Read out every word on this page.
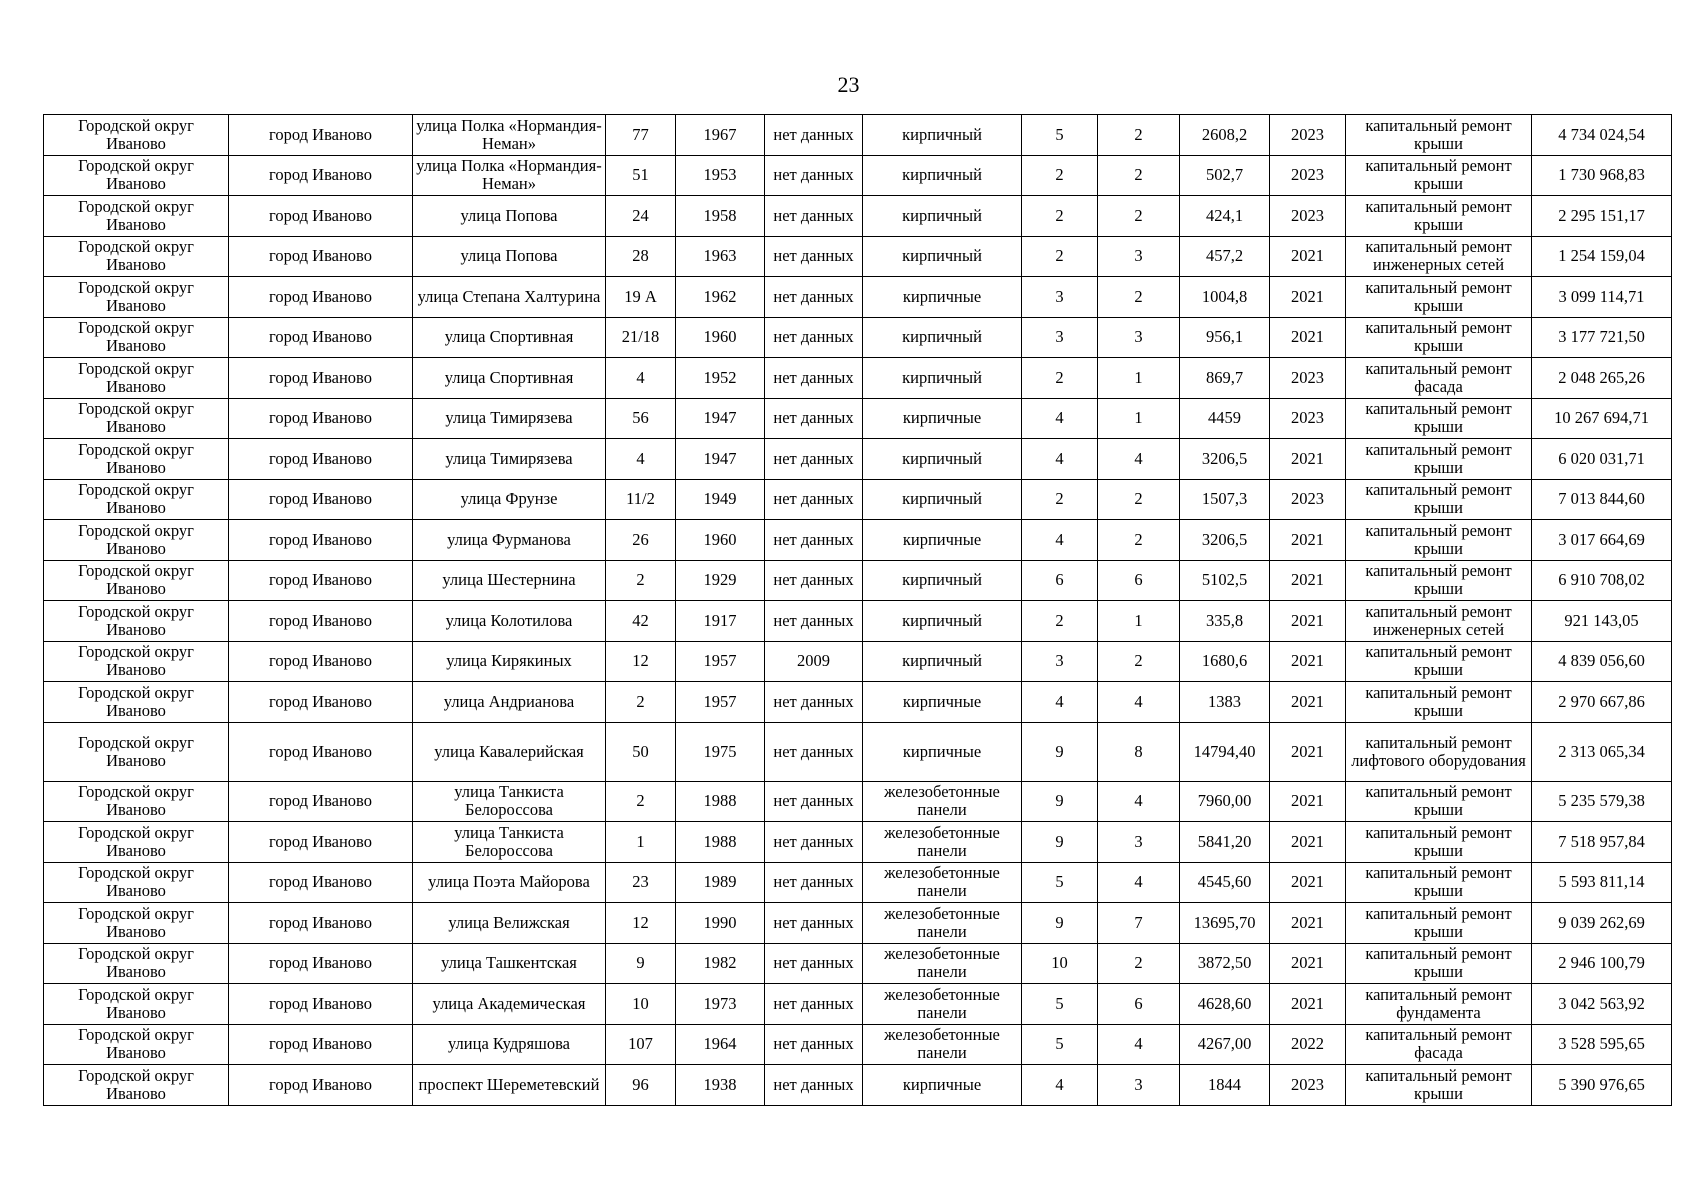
23
Городской округ Иваново	город Иваново	улица Полка «Нормандия-Неман»	77	1967	нет данных	кирпичный	5	2	2608,2	2023	капитальный ремонт крыши	4 734 024,54
Городской округ Иваново	город Иваново	улица Полка «Нормандия-Неман»	51	1953	нет данных	кирпичный	2	2	502,7	2023	капитальный ремонт крыши	1 730 968,83
Городской округ Иваново	город Иваново	улица Попова	24	1958	нет данных	кирпичный	2	2	424,1	2023	капитальный ремонт крыши	2 295 151,17
Городской округ Иваново	город Иваново	улица Попова	28	1963	нет данных	кирпичный	2	3	457,2	2021	капитальный ремонт инженерных сетей	1 254 159,04
Городской округ Иваново	город Иваново	улица Степана Халтурина	19 А	1962	нет данных	кирпичные	3	2	1004,8	2021	капитальный ремонт крыши	3 099 114,71
Городской округ Иваново	город Иваново	улица Спортивная	21/18	1960	нет данных	кирпичный	3	3	956,1	2021	капитальный ремонт крыши	3 177 721,50
Городской округ Иваново	город Иваново	улица Спортивная	4	1952	нет данных	кирпичный	2	1	869,7	2023	капитальный ремонт фасада	2 048 265,26
Городской округ Иваново	город Иваново	улица Тимирязева	56	1947	нет данных	кирпичные	4	1	4459	2023	капитальный ремонт крыши	10 267 694,71
Городской округ Иваново	город Иваново	улица Тимирязева	4	1947	нет данных	кирпичный	4	4	3206,5	2021	капитальный ремонт крыши	6 020 031,71
Городской округ Иваново	город Иваново	улица Фрунзе	11/2	1949	нет данных	кирпичный	2	2	1507,3	2023	капитальный ремонт крыши	7 013 844,60
Городской округ Иваново	город Иваново	улица Фурманова	26	1960	нет данных	кирпичные	4	2	3206,5	2021	капитальный ремонт крыши	3 017 664,69
Городской округ Иваново	город Иваново	улица Шестернина	2	1929	нет данных	кирпичный	6	6	5102,5	2021	капитальный ремонт крыши	6 910 708,02
Городской округ Иваново	город Иваново	улица Колотилова	42	1917	нет данных	кирпичный	2	1	335,8	2021	капитальный ремонт инженерных сетей	921 143,05
Городской округ Иваново	город Иваново	улица Кирякиных	12	1957	2009	кирпичный	3	2	1680,6	2021	капитальный ремонт крыши	4 839 056,60
Городской округ Иваново	город Иваново	улица Андрианова	2	1957	нет данных	кирпичные	4	4	1383	2021	капитальный ремонт крыши	2 970 667,86
Городской округ Иваново	город Иваново	улица Кавалерийская	50	1975	нет данных	кирпичные	9	8	14794,40	2021	капитальный ремонт лифтового оборудования	2 313 065,34
Городской округ Иваново	город Иваново	улица Танкиста Белороссова	2	1988	нет данных	железобетонные панели	9	4	7960,00	2021	капитальный ремонт крыши	5 235 579,38
Городской округ Иваново	город Иваново	улица Танкиста Белороссова	1	1988	нет данных	железобетонные панели	9	3	5841,20	2021	капитальный ремонт крыши	7 518 957,84
Городской округ Иваново	город Иваново	улица Поэта Майорова	23	1989	нет данных	железобетонные панели	5	4	4545,60	2021	капитальный ремонт крыши	5 593 811,14
Городской округ Иваново	город Иваново	улица Велижская	12	1990	нет данных	железобетонные панели	9	7	13695,70	2021	капитальный ремонт крыши	9 039 262,69
Городской округ Иваново	город Иваново	улица Ташкентская	9	1982	нет данных	железобетонные панели	10	2	3872,50	2021	капитальный ремонт крыши	2 946 100,79
Городской округ Иваново	город Иваново	улица Академическая	10	1973	нет данных	железобетонные панели	5	6	4628,60	2021	капитальный ремонт фундамента	3 042 563,92
Городской округ Иваново	город Иваново	улица Кудряшова	107	1964	нет данных	железобетонные панели	5	4	4267,00	2022	капитальный ремонт фасада	3 528 595,65
Городской округ Иваново	город Иваново	проспект Шереметевский	96	1938	нет данных	кирпичные	4	3	1844	2023	капитальный ремонт крыши	5 390 976,65
